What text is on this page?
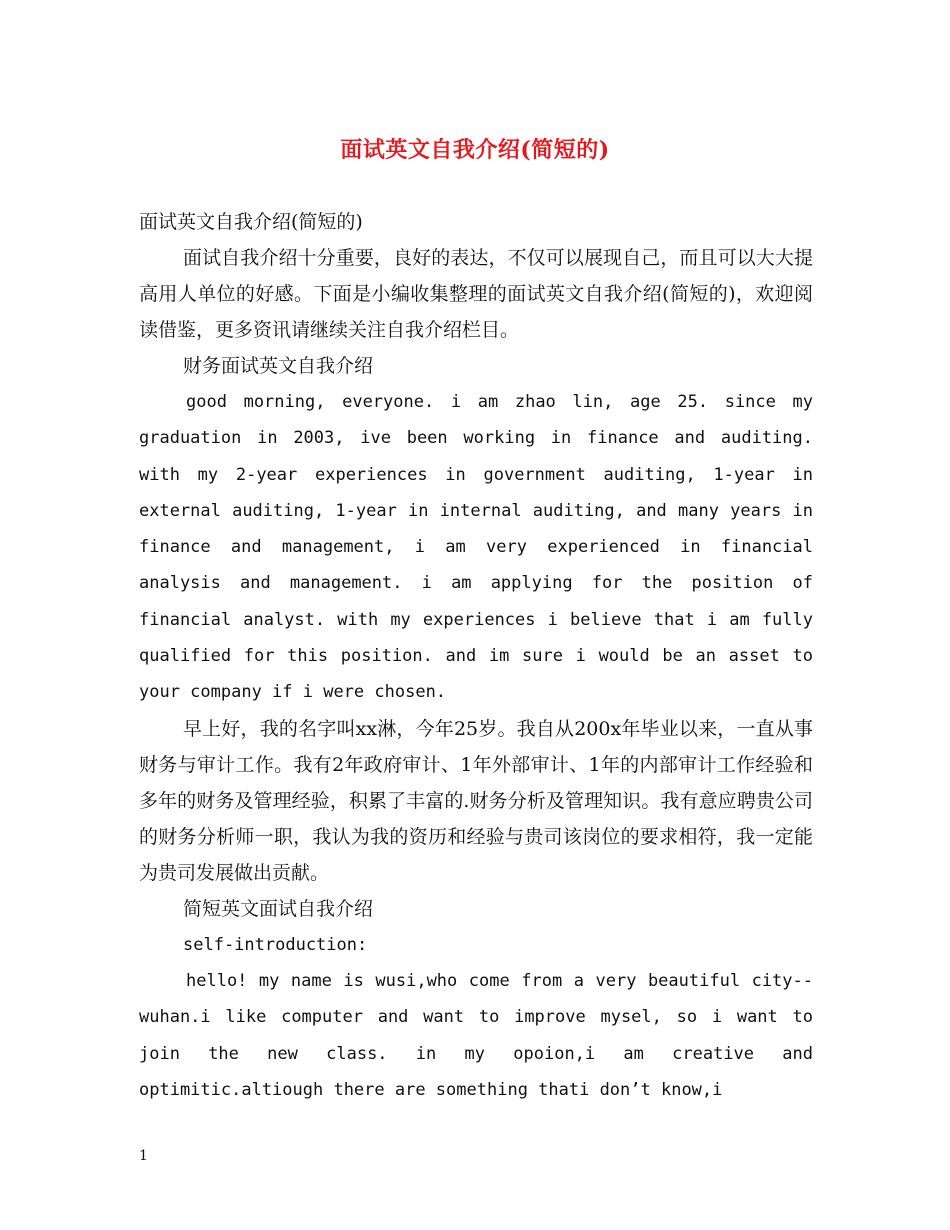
面试英文自我介绍(简短的)

面试英文自我介绍(简短的)

面试自我介绍十分重要，良好的表达，不仅可以展现自己，而且可以大大提高用人单位的好感。下面是小编收集整理的面试英文自我介绍(简短的)，欢迎阅读借鉴，更多资讯请继续关注自我介绍栏目。

财务面试英文自我介绍

good morning, everyone. i am zhao lin, age 25. since my graduation in 2003, ive been working in finance and auditing. with my 2-year experiences in government auditing, 1-year in external auditing, 1-year in internal auditing, and many years in finance and management, i am very experienced in financial analysis and management. i am applying for the position of financial analyst. with my experiences i believe that i am fully qualified for this position. and im sure i would be an asset to your company if i were chosen.

早上好，我的名字叫xx淋，今年25岁。我自从200x年毕业以来，一直从事财务与审计工作。我有2年政府审计、1年外部审计、1年的内部审计工作经验和多年的财务及管理经验，积累了丰富的.财务分析及管理知识。我有意应聘贵公司的财务分析师一职，我认为我的资历和经验与贵司该岗位的要求相符，我一定能为贵司发展做出贡献。

简短英文面试自我介绍

self-introduction:

hello! my name is wusi,who come from a very beautiful city--wuhan.i like computer and want to improve mysel, so i want to join the new class. in my opoion,i am creative and optimitic.altiough there are something thati don’t know,i

1
